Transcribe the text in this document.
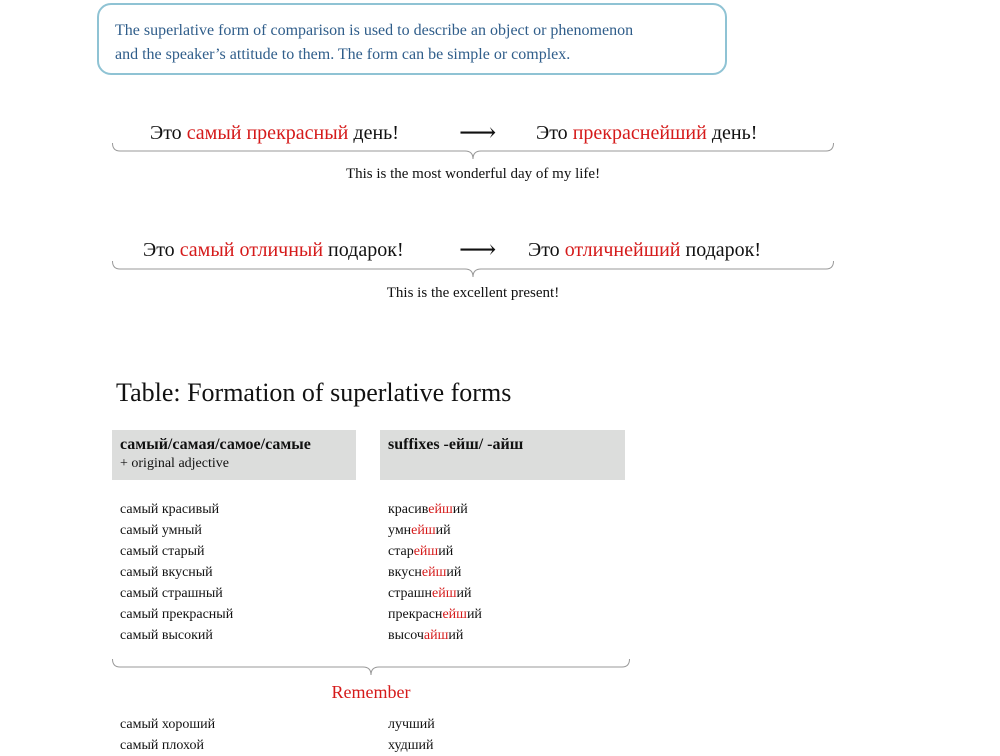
The superlative form of comparison is used to describe an object or phenomenon

and the speaker’s attitude to them. The form can be simple or complex.

Это самый прекрасный день! ⟶ Это прекраснейший день!
This is the most wonderful day of my life!
Это самый отличный подарок! ⟶ Это отличнейший подарок!
This is the excellent present!
Table: Formation of superlative forms
самый/самая/самое/самые
+ original adjective
suffixes -ейш/ -айш
самый красивый
самый умный
самый старый
самый вкусный
самый страшный
самый прекрасный
самый высокий
красивейший
умнейший
старейший
вкуснейший
страшнейший
прекраснейший
высочайший
Remember
самый хороший
самый плохой
лучший
худший
